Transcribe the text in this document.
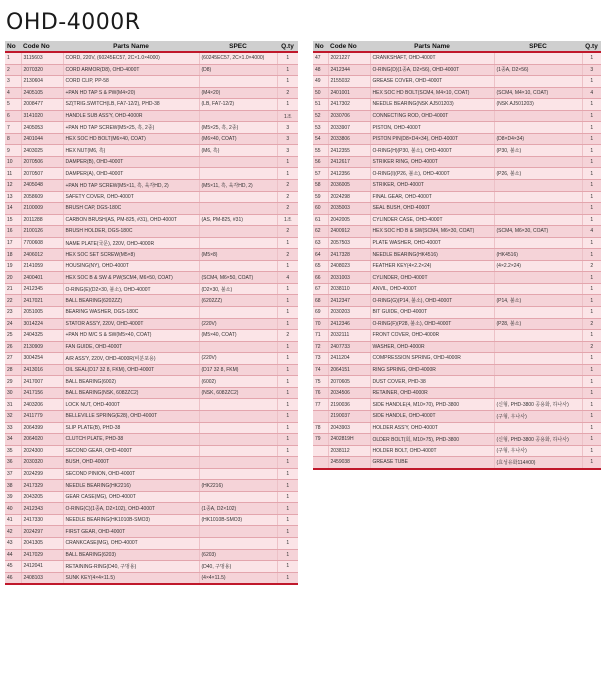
OHD-4000R
No	Code No	Parts Name	SPEC	Q.ty
1	3115603	CORD, 220V, (60245EC57, 2C×1.0×4000)	(60245EC57, 2C×1.0×4000)	1
2	2070320	CORD ARMOR(D8), OHD-4000T	(D8)	1
3	2130604	CORD CLIP, PP-58		1
4	2405105	+PAN HD TAP S & PW(M4×20)	(M4×20)	2
5	2008477	SZ(TRIG.SWITCH(LB, FA7-12/2), PHD-38	(LB, FA7-12/2)	1
6	3141020	HANDLE SUB ASS'Y, OHD-4000R		1조
7	2405053	+PAN HD TAP SCREW(M5×25, 흑, 2종)	(M5×25, 흑, 2종)	3
8	2401044	HEX SOC HD BOLT(M6×40, COAT)	(M6×40, COAT)	3
9	2403025	HEX NUT(M6, 흑)	(M6, 흑)	3
10	2070506	DAMPER(B), OHD-4000T		1
11	2070507	DAMPER(A), OHD-4000T		1
12	2405048	+PAN HD TAP SCREW(M5×11, 흑, 육각HD, 2)	(M5×11, 흑, 육각HD, 2)	2
13	2058609	SAFETY COVER, OHD-4000T		2
14	2100009	BRUSH CAP, DGS-180C		2
15	2011288	CARBON BRUSH(AS, PM-825, #31), OHD-4000T	(AS, PM-825, #31)	1조
16	2100126	BRUSH HOLDER, DGS-180C		2
17	7700608	NAME PLATE(국문), 220V, OHD-4000R		1
18	2406012	HEX SOC SET SCREW(M5×8)	(M5×8)	2
19	2141059	HOUSING(NY), OHD-4000T		1
20	2400401	HEX SOC B & SW & PW(SCM4, M6×50, COAT)	(SCM4, M6×50, COAT)	4
21	2412345	O-RING(E)(D2×30, 불소), OHD-4000T	(D2×30, 불소)	1
22	2417021	BALL BEARING(6202ZZ)	(6202ZZ)	1
23	2051005	BEARING WASHER, DGS-180C		1
24	3014224	STATOR ASS'Y, 220V, OHD-4000T	(220V)	1
25	2404325	+PAN HD M/C S & SW(M5×40, COAT)	(M5×40, COAT)	2
26	2130909	FAN GUIDE, OHD-4000T		1
27	3004254	A/R ASS'Y, 220V, OHD-4000R(비분포용)	(220V)	1
28	2413016	OIL SEAL(D17 32 8, FKM), OHD-4000T	(D17 32 8, FKM)	1
29	2417007	BALL BEARING(6002)	(6002)	1
30	2417156	BALL BEARING(NSK, 6082ZC2)	(NSK, 6082ZC2)	1
31	2403206	LOCK NUT, OHD-4000T		1
32	2411779	BELLEVILLE SPRING(E28), OHD-4000T		1
33	2064399	SLIP PLATE(B), PHD-38		1
34	2064020	CLUTCH PLATE, PHD-38		1
35	2024300	SECOND GEAR, OHD-4000T		1
36	2030320	BUSH, OHD-4000T		1
37	2024299	SECOND PINION, OHD-4000T		1
38	2417329	NEEDLE BEARING(HK2216)	(HK2216)	1
39	2043205	GEAR CASE(MG), OHD-4000T		1
40	2412343	O-RING(C)(1종A, D2×102), OHD-4000T	(1종A, D2×102)	1
41	2417330	NEEDLE BEARING(HK1010B-SMO3)	(HK1010B-SMO3)	1
42	2024297	FIRST GEAR, OHD-4000T		1
43	2041305	CRANKCASE(MG), OHD-4000T		1
44	2417029	BALL BEARING(6203)	(6203)	1
45	2412041	RETAINING-RING(D40, 구멍용)	(D40, 구멍용)	1
46	2408103	SUNK KEY(4×4×11.5)	(4×4×11.5)	1
No	Code No	Parts Name	SPEC	Q.ty
47	2021227	CRANKSHAFT, OHD-4000T		1
48	2412344	O-RING(D)(1종A, D2×56), OHD-4000T	(1종A, D2×56)	3
49	2155032	GREASE COVER, OHD-4000T		1
50	2401001	HEX SOC HD BOLT(SCM4, M4×10, COAT)	(SCM4, M4×10, COAT)	4
51	2417302	NEEDLE BEARING(NSK AJ501203)	(NSK AJ501203)	1
52	2030706	CONNECTING ROD, OHD-4000T		1
53	2033907	PISTON, OHD-4000T		1
54	2033806	PISTON PIN(D8×D4×34), OHD-4000T	(D8×D4×34)	1
55	2412355	O-RING(H)(P30, 불소), OHD-4000T	(P30, 불소)	1
56	2412617	STRIKER RING, OHD-4000T		1
57	2412356	O-RING(I)(P26, 불소), OHD-4000T	(P26, 불소)	1
58	2036005	STRIKER, OHD-4000T		1
59	2024298	FINAL GEAR, OHD-4000T		1
60	2035003	SEAL BUSH, OHD-4000T		1
61	2042005	CYLINDER CASE, OHD-4000T		1
62	2400912	HEX SOC HD B & SW(SCM4, M6×30, COAT)	(SCM4, M6×30, COAT)	4
63	2057503	PLATE WASHER, OHD-4000T		1
64	2417328	NEEDLE BEARING(HK4516)	(HK4516)	1
65	2408023	FEATHER KEY(4×2.2×24)	(4×2.2×24)	2
66	2031003	CYLINDER, OHD-4000T		1
67	2038110	ANVIL, OHD-4000T		1
68	2412347	O-RING(G)(P14, 불소), OHD-4000T	(P14, 불소)	1
69	2030203	BIT GUIDE, OHD-4000T		1
70	2412346	O-RING(F)(P28, 불소), OHD-4000T	(P28, 불소)	2
71	2032111	FRONT COVER, OHD-4000R		1
72	2407733	WASHER, OHD-4000R		2
73	2411204	COMPRESSION SPRING, OHD-4000R		1
74	2064151	RING SPRING, OHD-4000R		1
75	2070605	DUST COVER, PHD-38		1
76	2034506	RETAINER, OHD-4000R		1
77	2190036	SIDE HANDLE(4, M10×70), PHD-3800	(신형, PHD-3800 공용화, 하나사)	1
	2190037	SIDE HANDLE, OHD-4000T	(구형, 우나사)	1
78	2043903	HOLDER ASS'Y, OHD-4000T		1
79	2402819H	OLDER BOLT(회, M10×75), PHD-3800	(신형, PHD-3800 공용화, 하나사)	1
	2038112	HOLDER BOLT, OHD-4000T	(구형, 우나사)	1
	2459038	GREASE TUBE	(효성유화114#00)	1
